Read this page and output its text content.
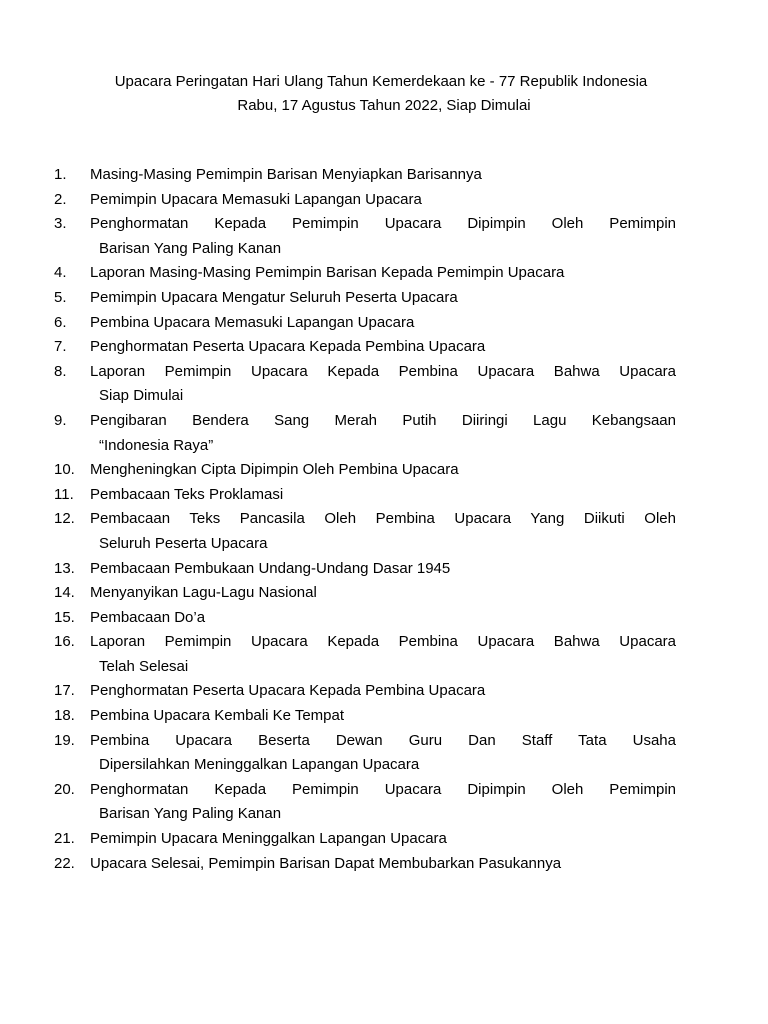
Upacara Peringatan Hari Ulang Tahun Kemerdekaan ke - 77 Republik Indonesia
Rabu, 17 Agustus Tahun 2022, Siap Dimulai
1. Masing-Masing Pemimpin Barisan Menyiapkan Barisannya
2. Pemimpin Upacara Memasuki Lapangan Upacara
3. Penghormatan Kepada Pemimpin Upacara Dipimpin Oleh Pemimpin
Barisan Yang Paling Kanan
4. Laporan Masing-Masing Pemimpin Barisan Kepada Pemimpin Upacara
5. Pemimpin Upacara Mengatur Seluruh Peserta Upacara
6. Pembina Upacara Memasuki Lapangan Upacara
7. Penghormatan Peserta Upacara Kepada Pembina Upacara
8. Laporan Pemimpin Upacara Kepada Pembina Upacara Bahwa Upacara
Siap Dimulai
9. Pengibaran Bendera Sang Merah Putih Diiringi Lagu Kebangsaan
“Indonesia Raya”
10. Mengheningkan Cipta Dipimpin Oleh Pembina Upacara
11. Pembacaan Teks Proklamasi
12. Pembacaan Teks Pancasila Oleh Pembina Upacara Yang Diikuti Oleh
Seluruh Peserta Upacara
13. Pembacaan Pembukaan Undang-Undang Dasar 1945
14. Menyanyikan Lagu-Lagu Nasional
15. Pembacaan Do’a
16. Laporan Pemimpin Upacara Kepada Pembina Upacara Bahwa Upacara
Telah Selesai
17. Penghormatan Peserta Upacara Kepada Pembina Upacara
18. Pembina Upacara Kembali Ke Tempat
19. Pembina Upacara Beserta Dewan Guru Dan Staff Tata Usaha
Dipersilahkan Meninggalkan Lapangan Upacara
20. Penghormatan Kepada Pemimpin Upacara Dipimpin Oleh Pemimpin
Barisan Yang Paling Kanan
21. Pemimpin Upacara Meninggalkan Lapangan Upacara
22. Upacara Selesai, Pemimpin Barisan Dapat Membubarkan Pasukannya
